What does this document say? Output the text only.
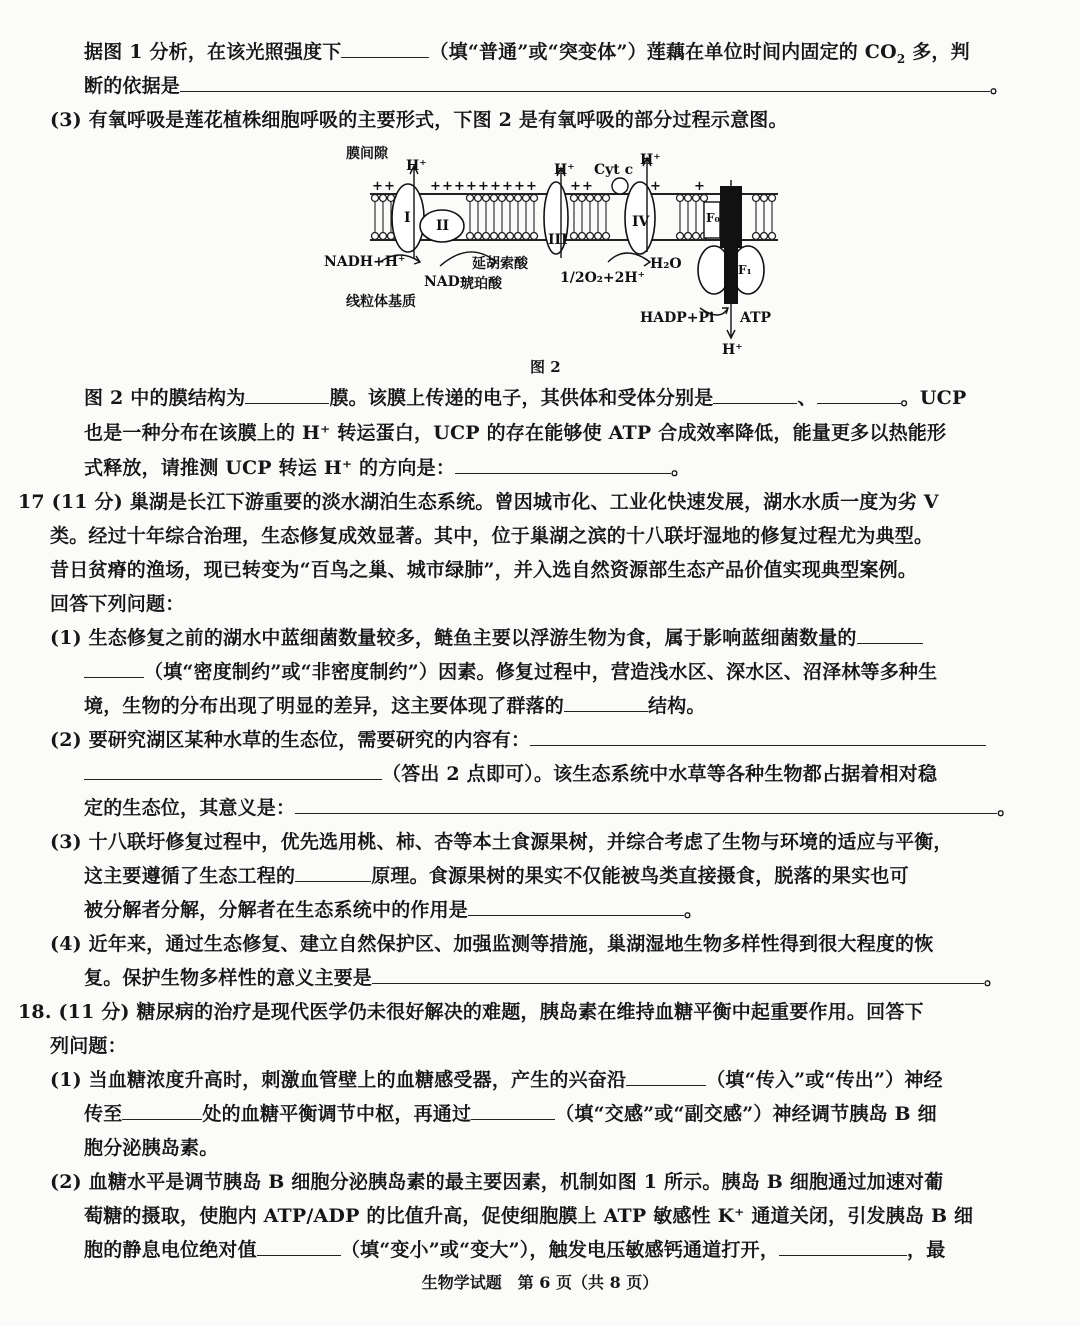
据图 1 分析，在该光照强度下	（填“普通”或“突变体”）莲藕在单位时间内固定的 $CO_2$ 多，判
断的依据是	。
(3) 有氧呼吸是莲花植株细胞呼吸的主要形式，下图 2 是有氧呼吸的部分过程示意图。
+ +	+ + + + + + + + +	+ +	+	+
膜间隙
H⁺	H⁺ Cyt c
H⁺
I II
III
IV	F₀
F₁
NADH+H⁺
NAD⁺
延胡索酸
琥珀酸	1/2O₂+2H⁺
H₂O
线粒体基质
HADP+Pi ATP
H⁺
图 2
图 2 中的膜结构为	膜。该膜上传递的电子，其供体和受体分别是	、	。UCP
也是一种分布在该膜上的 H⁺ 转运蛋白，UCP 的存在能够使 ATP 合成效率降低，能量更多以热能形
式释放，请推测 UCP 转运 H⁺ 的方向是：	。
17 (11 分) 巢湖是长江下游重要的淡水湖泊生态系统。曾因城市化、工业化快速发展，湖水水质一度为劣 V
类。经过十年综合治理，生态修复成效显著。其中，位于巢湖之滨的十八联圩湿地的修复过程尤为典型。
昔日贫瘠的渔场，现已转变为“百鸟之巢、城市绿肺”，并入选自然资源部生态产品价值实现典型案例。
回答下列问题：
(1) 生态修复之前的湖水中蓝细菌数量较多，鲢鱼主要以浮游生物为食，属于影响蓝细菌数量的
（填“密度制约”或“非密度制约”）因素。修复过程中，营造浅水区、深水区、沼泽林等多种生
境，生物的分布出现了明显的差异，这主要体现了群落的	结构。
(2) 要研究湖区某种水草的生态位，需要研究的内容有：
（答出 2 点即可）。该生态系统中水草等各种生物都占据着相对稳
定的生态位，其意义是：	。
(3) 十八联圩修复过程中，优先选用桃、柿、杏等本土食源果树，并综合考虑了生物与环境的适应与平衡，
这主要遵循了生态工程的	原理。食源果树的果实不仅能被鸟类直接摄食，脱落的果实也可
被分解者分解，分解者在生态系统中的作用是	。
(4) 近年来，通过生态修复、建立自然保护区、加强监测等措施，巢湖湿地生物多样性得到很大程度的恢
复。保护生物多样性的意义主要是	。
18. (11 分) 糖尿病的治疗是现代医学仍未很好解决的难题，胰岛素在维持血糖平衡中起重要作用。回答下
列问题：
(1) 当血糖浓度升高时，刺激血管壁上的血糖感受器，产生的兴奋沿	（填“传入”或“传出”）神经
传至	处的血糖平衡调节中枢，再通过	（填“交感”或“副交感”）神经调节胰岛 B 细
胞分泌胰岛素。
(2) 血糖水平是调节胰岛 B 细胞分泌胰岛素的最主要因素，机制如图 1 所示。胰岛 B 细胞通过加速对葡
萄糖的摄取，使胞内 ATP/ADP 的比值升高，促使细胞膜上 ATP 敏感性 K⁺ 通道关闭，引发胰岛 B 细
胞的静息电位绝对值	（填“变小”或“变大”），触发电压敏感钙通道打开，	，最
生物学试题　第 6 页（共 8 页）
